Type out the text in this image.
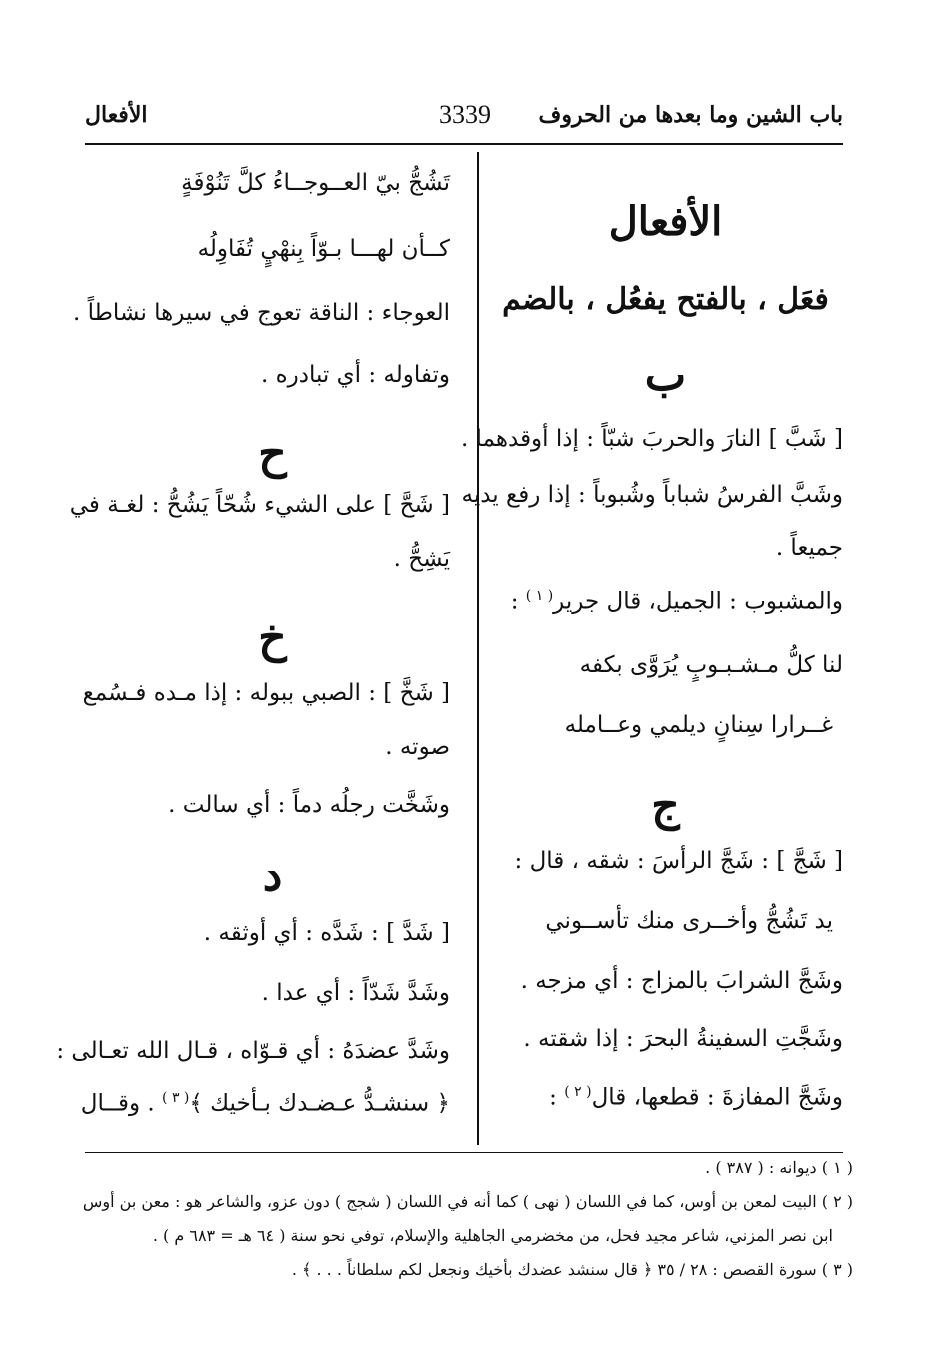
باب الشين وما بعدها من الحروف
3339
الأفعال
الأفعال
فعَل ، بالفتح يفعُل ، بالضم
ب
[ شَبَّ ] النارَ والحربَ شبّاً : إذا أوقدهما .
وشَبَّ الفرسُ شباباً وشُبوباً : إذا رفع يديه
جميعاً .
والمشبوب : الجميل، قال جرير$^{( ١ )}$ :
لنا كلُّ مـشـبـوبٍ يُرَوَّى بكفه
غــرارا سِنانٍ ديلمي وعــامله
ج
[ شَجَّ ] : شَجَّ الرأسَ : شقه ، قال :
يد تَشُجُّ وأخــرى منك تأســوني
وشَجَّ الشرابَ بالمزاج : أي مزجه .
وشَجَّتِ السفينةُ البحرَ : إذا شقته .
وشَجَّ المفازةَ : قطعها، قال$^{( ٢ )}$ :
تَشُجُّ بيّ العــوجــاءُ كلَّ تَنُوْفَةٍ
كــأن لهـــا بـوّاً بِنهْيٍ تُفَاوِلُه
العوجاء : الناقة تعوج في سيرها نشاطاً .
وتفاوله : أي تبادره .
ح
[ شَحَّ ] على الشيء شُحّاً يَشُحُّ : لغـة في
يَشِحُّ .
خ
[ شَخَّ ] : الصبي ببوله : إذا مـده فـسُمع
صوته .
وشَخَّت رجلُه دماً : أي سالت .
د
[ شَدَّ ] : شَدَّه : أي أوثقه .
وشَدَّ شَدّاً : أي عدا .
وشَدَّ عضدَهُ : أي قـوّاه ، قـال الله تعـالى :
﴿ سنشـدُّ عـضـدك بـأخيك ﴾$^{( ٣ )}$ . وقــال
( ١ ) ديوانه : ( ٣٨٧ ) .
( ٢ ) البيت لمعن بن أوس، كما في اللسان ( نهى ) كما أنه في اللسان ( شجج ) دون عزو، والشاعر هو : معن بن أوس
ابن نصر المزني، شاعر مجيد فحل، من مخضرمي الجاهلية والإسلام، توفي نحو سنة ( ٦٤ هـ = ٦٨٣ م ) .
( ٣ ) سورة القصص : ٢٨ / ٣٥ ﴿ قال سنشد عضدك بأخيك ونجعل لكم سلطاناً . . . ﴾ .
